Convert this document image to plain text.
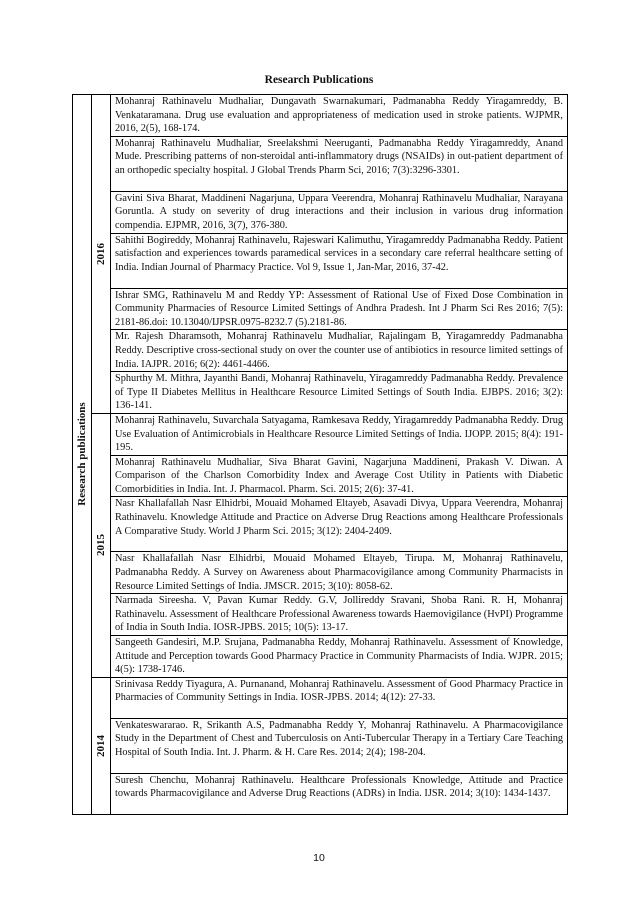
Research Publications
Research publications	2016	Mohanraj Rathinavelu Mudhaliar, Dungavath Swarnakumari, Padmanabha Reddy Yiragamreddy, B. Venkataramana. Drug use evaluation and appropriateness of medication used in stroke patients. WJPMR, 2016, 2(5), 168-174.
		Mohanraj Rathinavelu Mudhaliar, Sreelakshmi Neeruganti, Padmanabha Reddy Yiragamreddy, Anand Mude. Prescribing patterns of non-steroidal anti-inflammatory drugs (NSAIDs) in out-patient department of an orthopedic specialty hospital. J Global Trends Pharm Sci, 2016; 7(3):3296-3301.
		Gavini Siva Bharat, Maddineni Nagarjuna, Uppara Veerendra, Mohanraj Rathinavelu Mudhaliar, Narayana Goruntla. A study on severity of drug interactions and their inclusion in various drug information compendia. EJPMR, 2016, 3(7), 376-380.
		Sahithi Bogireddy, Mohanraj Rathinavelu, Rajeswari Kalimuthu, Yiragamreddy Padmanabha Reddy. Patient satisfaction and experiences towards paramedical services in a secondary care referral healthcare setting of India. Indian Journal of Pharmacy Practice. Vol 9, Issue 1, Jan-Mar, 2016, 37-42.
		Ishrar SMG, Rathinavelu M and Reddy YP: Assessment of Rational Use of Fixed Dose Combination in Community Pharmacies of Resource Limited Settings of Andhra Pradesh. Int J Pharm Sci Res 2016; 7(5): 2181-86.doi: 10.13040/IJPSR.0975-8232.7 (5).2181-86.
		Mr. Rajesh Dharamsoth, Mohanraj Rathinavelu Mudhaliar, Rajalingam B, Yiragamreddy Padmanabha Reddy. Descriptive cross-sectional study on over the counter use of antibiotics in resource limited settings of India. IAJPR. 2016; 6(2): 4461-4466.
		Sphurthy M. Mithra, Jayanthi Bandi, Mohanraj Rathinavelu, Yiragamreddy Padmanabha Reddy. Prevalence of Type II Diabetes Mellitus in Healthcare Resource Limited Settings of South India. EJBPS. 2016; 3(2): 136-141.

	2015	Mohanraj Rathinavelu, Suvarchala Satyagama, Ramkesava Reddy, Yiragamreddy Padmanabha Reddy. Drug Use Evaluation of Antimicrobials in Healthcare Resource Limited Settings of India. IJOPP. 2015; 8(4): 191-195.
		Mohanraj Rathinavelu Mudhaliar, Siva Bharat Gavini, Nagarjuna Maddineni, Prakash V. Diwan. A Comparison of the Charlson Comorbidity Index and Average Cost Utility in Patients with Diabetic Comorbidities in India. Int. J. Pharmacol. Pharm. Sci. 2015; 2(6): 37-41.
		Nasr Khallafallah Nasr Elhidrbi, Mouaid Mohamed Eltayeb, Asavadi Divya, Uppara Veerendra, Mohanraj Rathinavelu. Knowledge Attitude and Practice on Adverse Drug Reactions among Healthcare Professionals A Comparative Study. World J Pharm Sci. 2015; 3(12): 2404-2409.
		Nasr Khallafallah Nasr Elhidrbi, Mouaid Mohamed Eltayeb, Tirupa. M, Mohanraj Rathinavelu, Padmanabha Reddy. A Survey on Awareness about Pharmacovigilance among Community Pharmacists in Resource Limited Settings of India. JMSCR. 2015; 3(10): 8058-62.
		Narmada Sireesha. V, Pavan Kumar Reddy. G.V, Jollireddy Sravani, Shoba Rani. R. H, Mohanraj Rathinavelu. Assessment of Healthcare Professional Awareness towards Haemovigilance (HvPI) Programme of India in South India. IOSR-JPBS. 2015; 10(5): 13-17.
		Sangeeth Gandesiri, M.P. Srujana, Padmanabha Reddy, Mohanraj Rathinavelu. Assessment of Knowledge, Attitude and Perception towards Good Pharmacy Practice in Community Pharmacists of India. WJPR. 2015; 4(5): 1738-1746.

	2014	Srinivasa Reddy Tiyagura, A. Purnanand, Mohanraj Rathinavelu. Assessment of Good Pharmacy Practice in Pharmacies of Community Settings in India. IOSR-JPBS. 2014; 4(12): 27-33.
		Venkateswararao. R, Srikanth A.S, Padmanabha Reddy Y, Mohanraj Rathinavelu. A Pharmacovigilance Study in the Department of Chest and Tuberculosis on Anti-Tubercular Therapy in a Tertiary Care Teaching Hospital of South India. Int. J. Pharm. & H. Care Res. 2014; 2(4); 198-204.
		Suresh Chenchu, Mohanraj Rathinavelu. Healthcare Professionals Knowledge, Attitude and Practice towards Pharmacovigilance and Adverse Drug Reactions (ADRs) in India. IJSR. 2014; 3(10): 1434-1437.
10
